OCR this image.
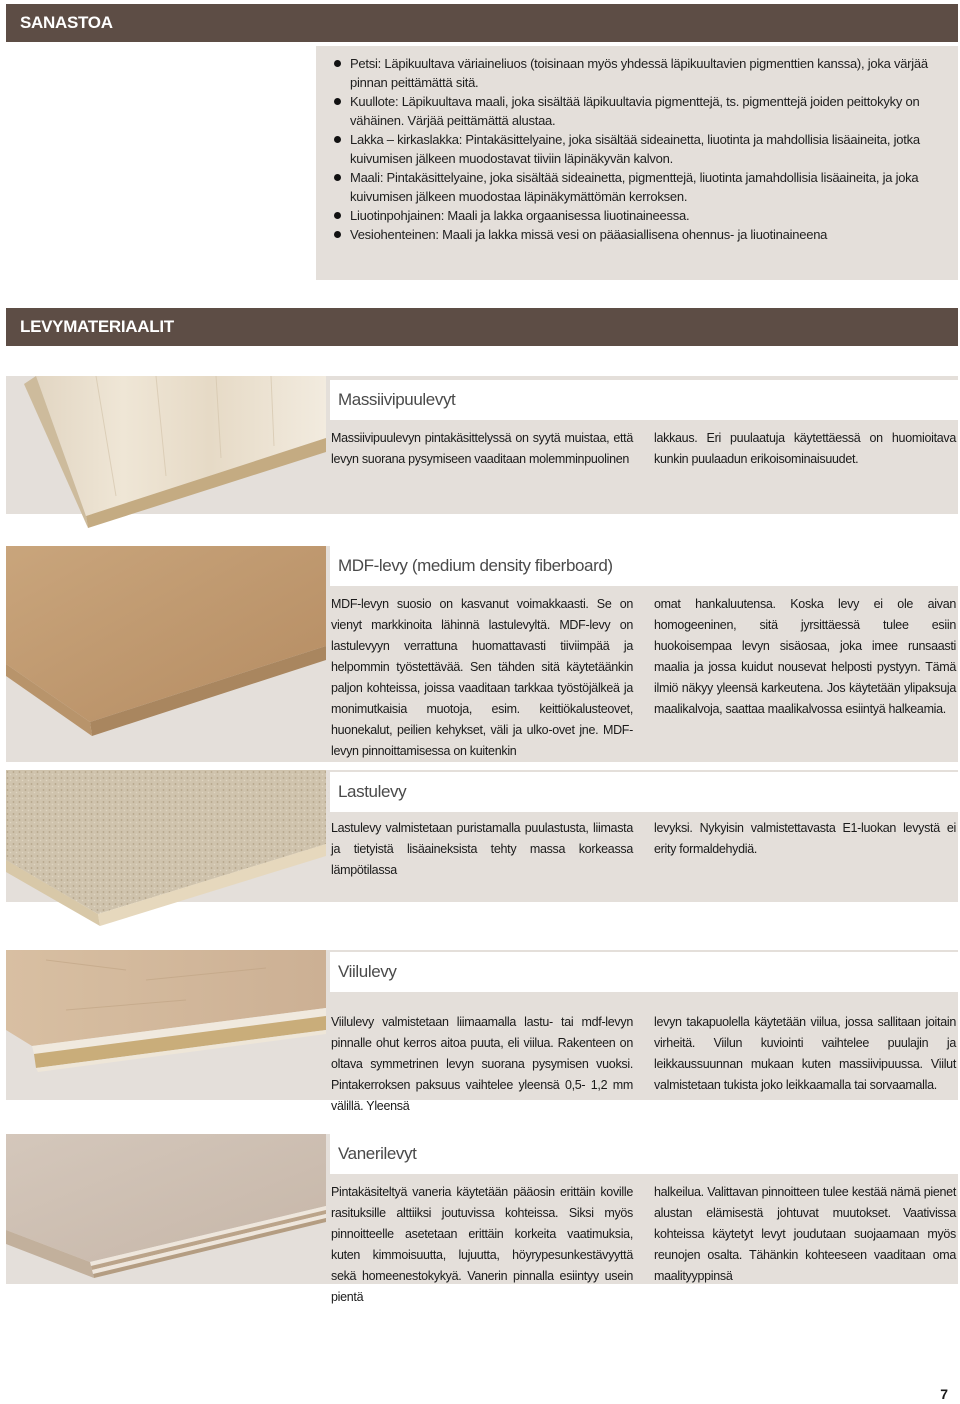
SANASTOA
Petsi: Läpikuultava väriaineliuos (toisinaan myös yhdessä läpikuultavien pigmenttien kanssa), joka värjää pinnan peittämättä sitä.
Kuullote: Läpikuultava maali, joka sisältää läpikuultavia pigmenttejä, ts. pigmenttejä joiden peittokyky on vähäinen. Värjää peittämättä alustaa.
Lakka – kirkaslakka: Pintakäsittelyaine, joka sisältää sideainetta, liuotinta ja mahdollisia lisäaineita, jotka kuivumisen jälkeen muodostavat tiiviin läpinäkyvän kalvon.
Maali: Pintakäsittelyaine, joka sisältää sideainetta, pigmenttejä, liuotinta jamahdollisia lisäaineita, ja joka kuivumisen jälkeen muodostaa läpinäkymättömän kerroksen.
Liuotinpohjainen: Maali ja lakka orgaanisessa liuotinaineessa.
Vesiohenteinen: Maali ja lakka missä vesi on pääasiallisena ohennus- ja liuotinaineena
LEVYMATERIAALIT
Massiivipuulevyt
Massiivipuulevyn pintakäsittelyssä on syytä muistaa, että levyn suorana pysymiseen vaaditaan molemminpuolinen
lakkaus. Eri puulaatuja käytettäessä on huomioitava kunkin puulaadun erikoisominaisuudet.
MDF-levy (medium density fiberboard)
MDF-levyn suosio on kasvanut voimakkaasti. Se on vienyt markkinoita lähinnä lastulevyltä. MDF-levy on lastulevyyn verrattuna huomattavasti tiiviimpää ja helpommin työstettävää. Sen tähden sitä käytetäänkin paljon kohteissa, joissa vaaditaan tarkkaa työstöjälkeä ja monimutkaisia muotoja, esim. keittiökalusteovet, huonekalut, peilien kehykset, väli ja ulko-ovet jne. MDF-levyn pinnoittamisessa on kuitenkin
omat hankaluutensa. Koska levy ei ole aivan homogeeninen, sitä jyrsittäessä tulee esiin huokoisempaa levyn sisäosaa, joka imee runsaasti maalia ja jossa kuidut nousevat helposti pystyyn. Tämä ilmiö näkyy yleensä karkeutena. Jos käytetään ylipaksuja maalikalvoja, saattaa maalikalvossa esiintyä halkeamia.
Lastulevy
Lastulevy valmistetaan puristamalla puulastusta, liimasta ja tietyistä lisäaineksista tehty massa korkeassa lämpötilassa
levyksi. Nykyisin valmistettavasta E1-luokan levystä ei erity formaldehydiä.
Viilulevy
Viilulevy valmistetaan liimaamalla lastu- tai mdf-levyn pinnalle ohut kerros aitoa puuta, eli viilua. Rakenteen on oltava symmetrinen levyn suorana pysymisen vuoksi. Pintakerroksen paksuus vaihtelee yleensä 0,5- 1,2 mm välillä. Yleensä
levyn takapuolella käytetään viilua, jossa sallitaan joitain virheitä. Viilun kuviointi vaihtelee puulajin ja leikkaussuunnan mukaan kuten massiivipuussa. Viilut valmistetaan tukista joko leikkaamalla tai sorvaamalla.
Vanerilevyt
Pintakäsiteltyä vaneria käytetään pääosin erittäin koville rasituksille alttiiksi joutuvissa kohteissa. Siksi myös pinnoitteelle asetetaan erittäin korkeita vaatimuksia, kuten kimmoisuutta, lujuutta, höyrypesunkestävyyttä sekä homeenestokykyä. Vanerin pinnalla esiintyy usein pientä
halkeilua. Valittavan pinnoitteen tulee kestää nämä pienet alustan elämisestä johtuvat muutokset. Vaativissa kohteissa käytetyt levyt joudutaan suojaamaan myös reunojen osalta. Tähänkin kohteeseen vaaditaan oma maalityyppinsä
7
